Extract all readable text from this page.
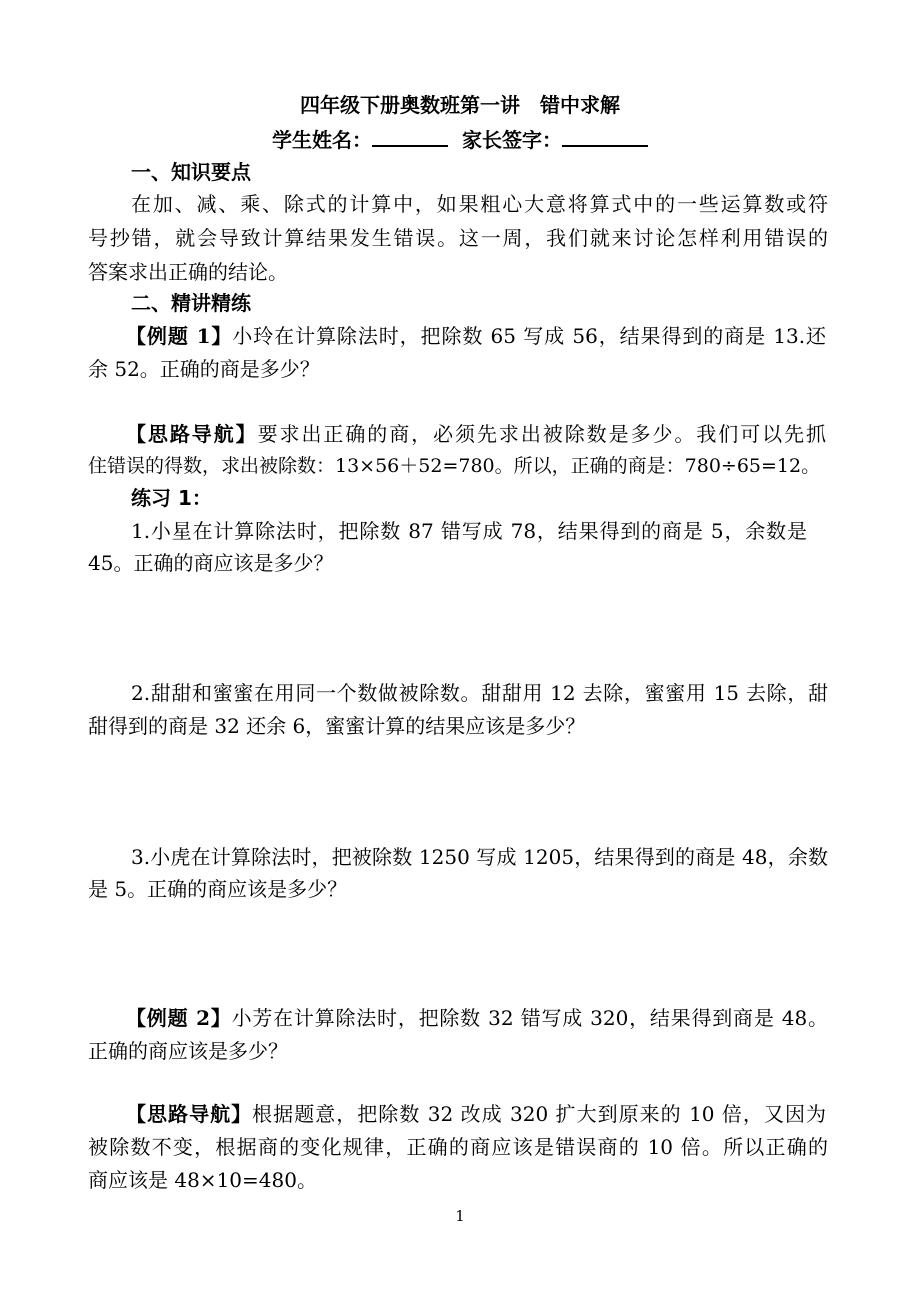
四年级下册奥数班第一讲　错中求解
学生姓名：	家长签字：
一、知识要点
在加、减、乘、除式的计算中，如果粗心大意将算式中的一些运算数或符
号抄错，就会导致计算结果发生错误。这一周，我们就来讨论怎样利用错误的
答案求出正确的结论。
二、精讲精练
【例题 1】小玲在计算除法时，把除数 65 写成 56，结果得到的商是 13.还
余 52。正确的商是多少？
【思路导航】要求出正确的商，必须先求出被除数是多少。我们可以先抓
住错误的得数，求出被除数：13×56＋52=780。所以，正确的商是：780÷65=12。
练习 1：
1.小星在计算除法时，把除数 87 错写成 78，结果得到的商是 5，余数是
45。正确的商应该是多少？
2.甜甜和蜜蜜在用同一个数做被除数。甜甜用 12 去除，蜜蜜用 15 去除，甜
甜得到的商是 32 还余 6，蜜蜜计算的结果应该是多少？
3.小虎在计算除法时，把被除数 1250 写成 1205，结果得到的商是 48，余数
是 5。正确的商应该是多少？
【例题 2】小芳在计算除法时，把除数 32 错写成 320，结果得到商是 48。
正确的商应该是多少？
【思路导航】根据题意，把除数 32 改成 320 扩大到原来的 10 倍，又因为
被除数不变，根据商的变化规律，正确的商应该是错误商的 10 倍。所以正确的
商应该是 48×10=480。
1
